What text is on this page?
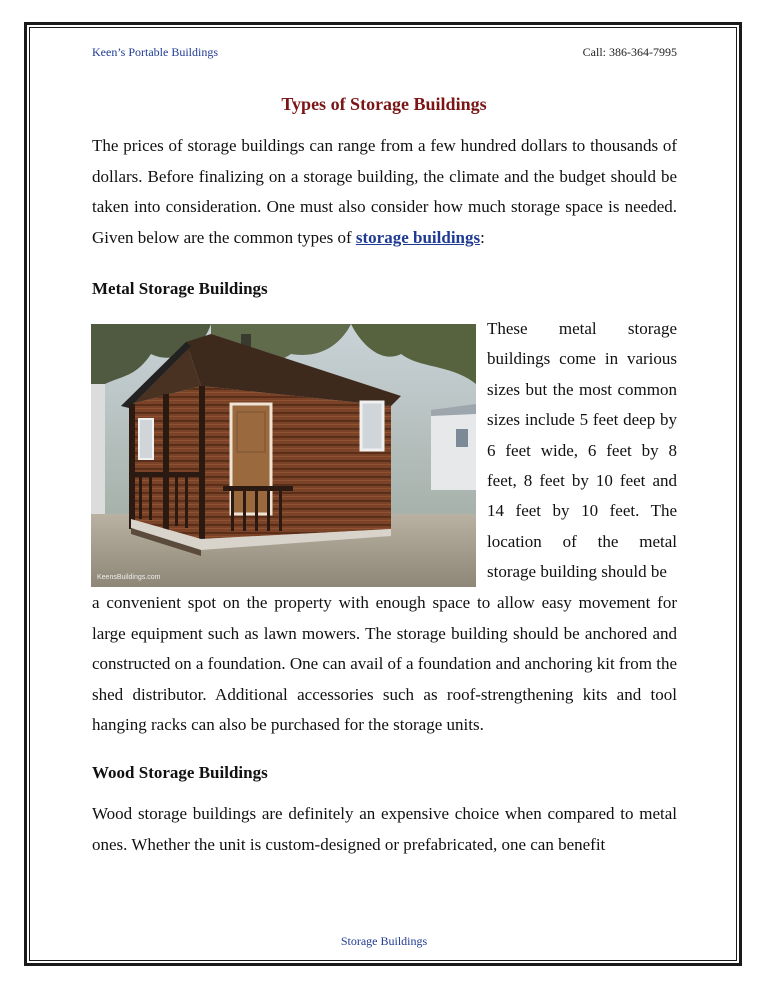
Keen’s Portable Buildings	Call: 386-364-7995
Types of Storage Buildings

The prices of storage buildings can range from a few hundred dollars to thousands of dollars. Before finalizing on a storage building, the climate and the budget should be taken into consideration. One must also consider how much storage space is needed. Given below are the common types of storage buildings:

Metal Storage Buildings
KeensBuildings.com

These metal storage buildings come in various sizes but the most common sizes include 5 feet deep by 6 feet wide, 6 feet by 8 feet, 8 feet by 10 feet and 14 feet by 10 feet. The location of the metal storage building should be

a convenient spot on the property with enough space to allow easy movement for large equipment such as lawn mowers. The storage building should be anchored and constructed on a foundation. One can avail of a foundation and anchoring kit from the shed distributor. Additional accessories such as roof-strengthening kits and tool hanging racks can also be purchased for the storage units.

Wood Storage Buildings

Wood storage buildings are definitely an expensive choice when compared to metal ones. Whether the unit is custom-designed or prefabricated, one can benefit

Storage Buildings
